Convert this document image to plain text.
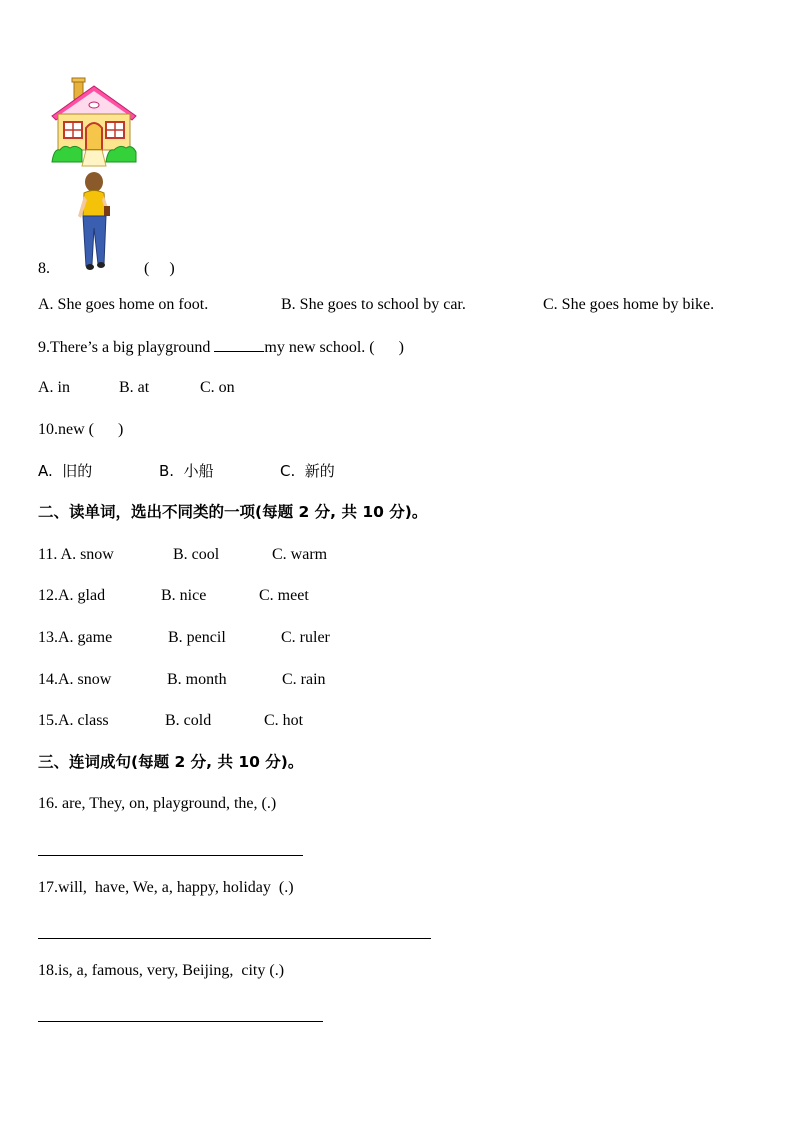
8.	(     )
A. She goes home on foot.	B. She goes to school by car.	C. She goes home by bike.
9.There’s a big playground	my new school. (      )
A. in	B. at	C. on
10.new (      )
A.  旧的	B.  小船	C.  新的
二、读单词，选出不同类的一项(每题 2 分, 共 10 分)。
11. A. snow	B. cool	C. warm
12.A. glad	B. nice	C. meet
13.A. game	B. pencil	C. ruler
14.A. snow	B. month	C. rain
15.A. class	B. cold	C. hot
三、连词成句(每题 2 分, 共 10 分)。
16. are, They, on, playground, the, (.)
17.will,  have, We, a, happy, holiday  (.)
18.is, a, famous, very, Beijing,  city (.)
